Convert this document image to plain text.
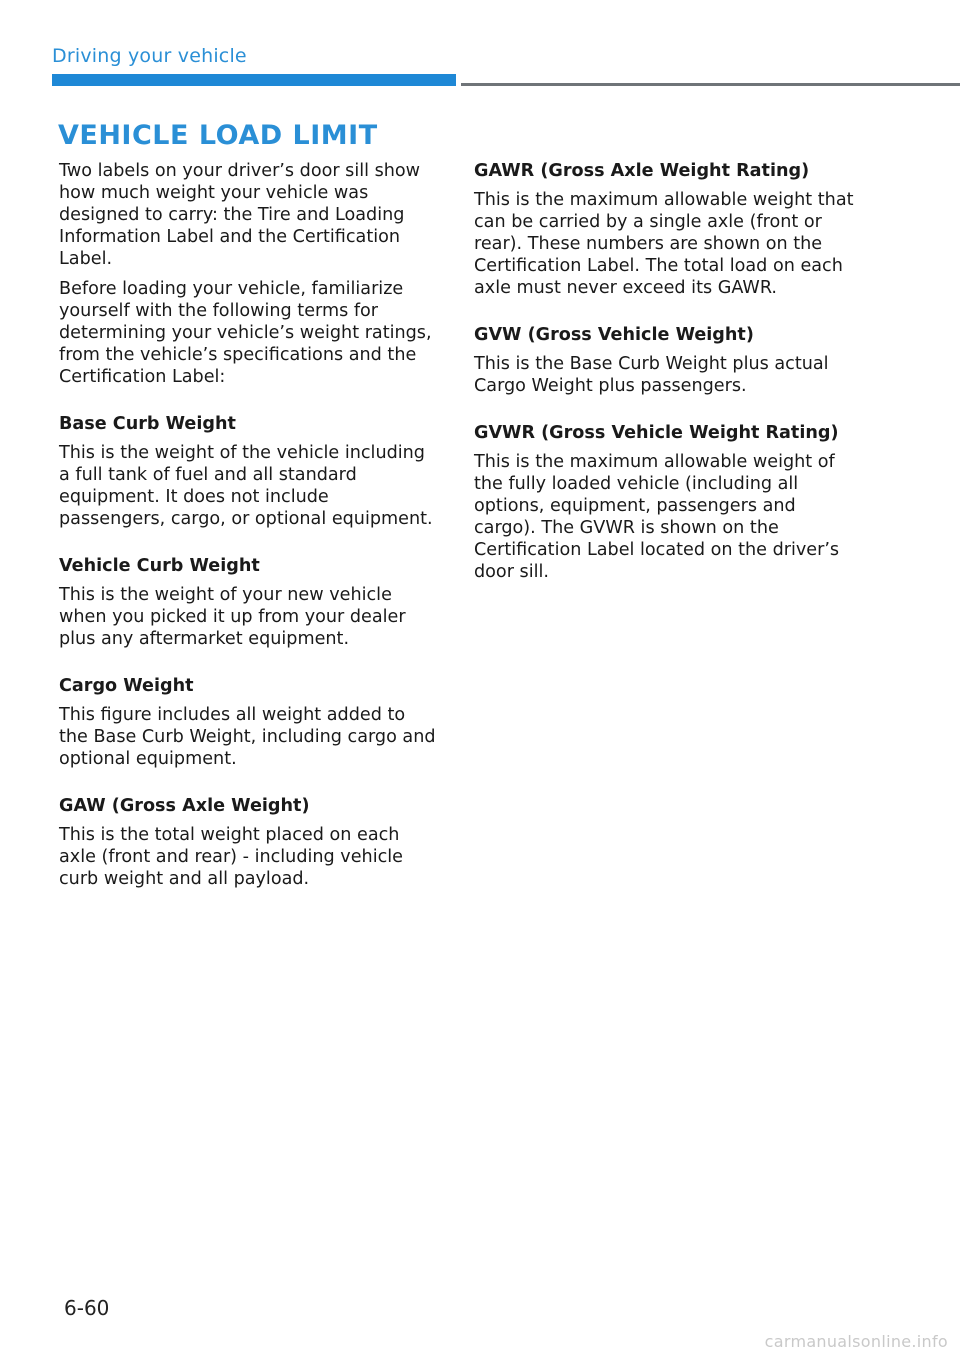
Driving your vehicle
VEHICLE LOAD LIMIT

Two labels on your driver’s door sill show how much weight your vehicle was designed to carry: the Tire and Loading Information Label and the Certification Label.

Before loading your vehicle, familiarize yourself with the following terms for determining your vehicle’s weight ratings, from the vehicle’s specifications and the Certification Label:

Base Curb Weight

This is the weight of the vehicle including a full tank of fuel and all standard equipment. It does not include passengers, cargo, or optional equipment.

Vehicle Curb Weight

This is the weight of your new vehicle when you picked it up from your dealer plus any aftermarket equipment.

Cargo Weight

This figure includes all weight added to the Base Curb Weight, including cargo and optional equipment.

GAW (Gross Axle Weight)

This is the total weight placed on each axle (front and rear) - including vehicle curb weight and all payload.

GAWR (Gross Axle Weight Rating)

This is the maximum allowable weight that can be carried by a single axle (front or rear). These numbers are shown on the Certification Label. The total load on each axle must never exceed its GAWR.

GVW (Gross Vehicle Weight)

This is the Base Curb Weight plus actual Cargo Weight plus passengers.

GVWR (Gross Vehicle Weight Rating)

This is the maximum allowable weight of the fully loaded vehicle (including all options, equipment, passengers and cargo). The GVWR is shown on the Certification Label located on the driver’s door sill.

6-60
carmanualsonline.info
